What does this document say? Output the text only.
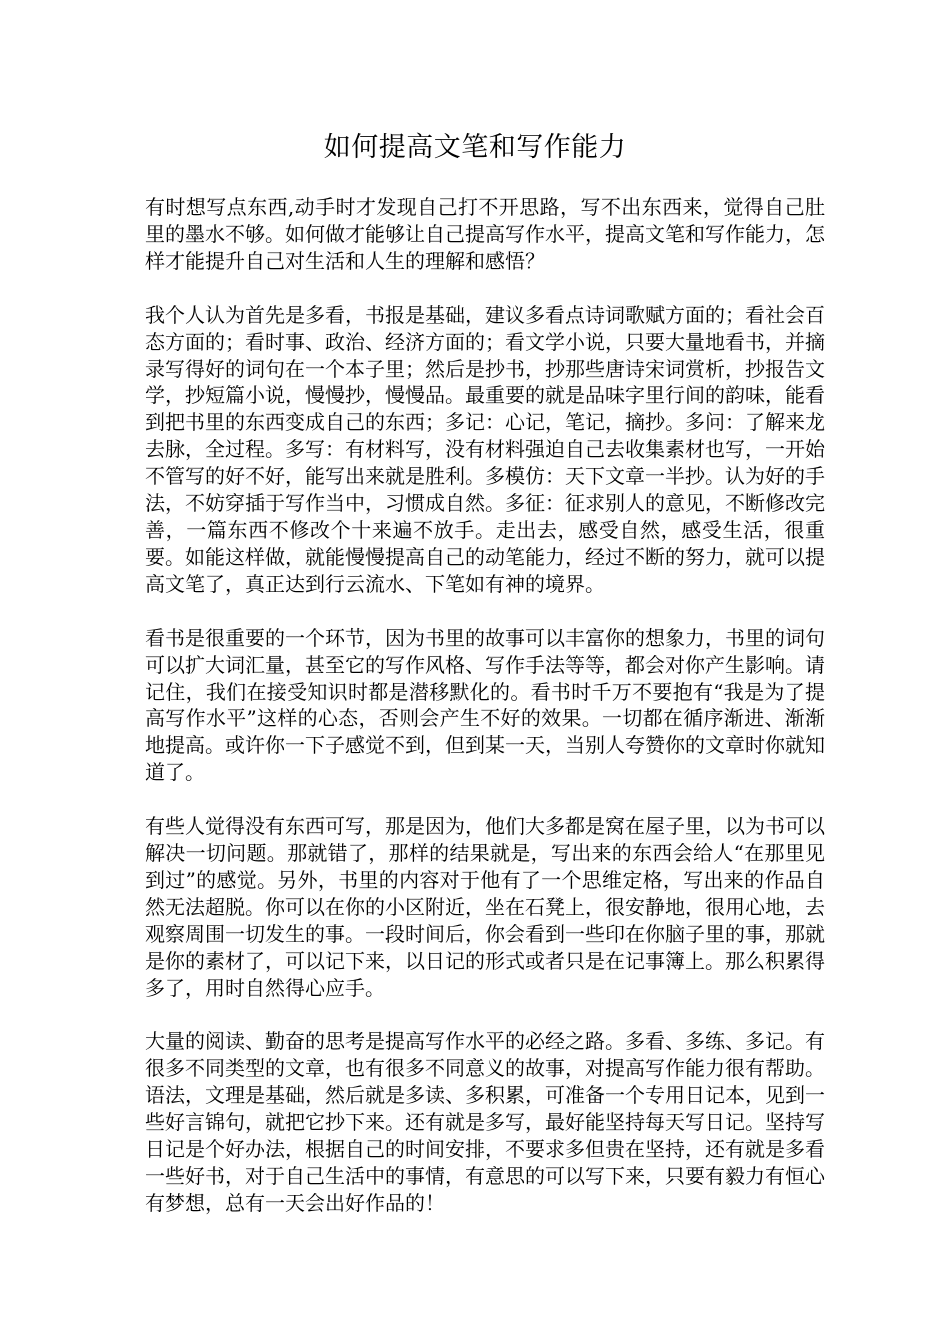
如何提高文笔和写作能力

有时想写点东西,动手时才发现自己打不开思路，写不出东西来，觉得自己肚里的墨水不够。如何做才能够让自己提高写作水平，提高文笔和写作能力，怎样才能提升自己对生活和人生的理解和感悟？

我个人认为首先是多看，书报是基础，建议多看点诗词歌赋方面的；看社会百态方面的；看时事、政治、经济方面的；看文学小说，只要大量地看书，并摘录写得好的词句在一个本子里；然后是抄书，抄那些唐诗宋词赏析，抄报告文学，抄短篇小说，慢慢抄，慢慢品。最重要的就是品味字里行间的韵味，能看到把书里的东西变成自己的东西；多记：心记，笔记，摘抄。多问：了解来龙去脉，全过程。多写：有材料写，没有材料强迫自己去收集素材也写，一开始不管写的好不好，能写出来就是胜利。多模仿：天下文章一半抄。认为好的手法，不妨穿插于写作当中，习惯成自然。多征：征求别人的意见，不断修改完善，一篇东西不修改个十来遍不放手。走出去，感受自然，感受生活，很重要。如能这样做，就能慢慢提高自己的动笔能力，经过不断的努力，就可以提高文笔了，真正达到行云流水、下笔如有神的境界。

看书是很重要的一个环节，因为书里的故事可以丰富你的想象力，书里的词句可以扩大词汇量，甚至它的写作风格、写作手法等等，都会对你产生影响。请记住，我们在接受知识时都是潜移默化的。看书时千万不要抱有“我是为了提高写作水平”这样的心态，否则会产生不好的效果。一切都在循序渐进、渐渐地提高。或许你一下子感觉不到，但到某一天，当别人夸赞你的文章时你就知道了。

有些人觉得没有东西可写，那是因为，他们大多都是窝在屋子里，以为书可以解决一切问题。那就错了，那样的结果就是，写出来的东西会给人“在那里见到过”的感觉。另外，书里的内容对于他有了一个思维定格，写出来的作品自然无法超脱。你可以在你的小区附近，坐在石凳上，很安静地，很用心地，去观察周围一切发生的事。一段时间后，你会看到一些印在你脑子里的事，那就是你的素材了，可以记下来，以日记的形式或者只是在记事簿上。那么积累得多了，用时自然得心应手。

大量的阅读、勤奋的思考是提高写作水平的必经之路。多看、多练、多记。有很多不同类型的文章，也有很多不同意义的故事，对提高写作能力很有帮助。语法，文理是基础，然后就是多读、多积累，可准备一个专用日记本，见到一些好言锦句，就把它抄下来。还有就是多写，最好能坚持每天写日记。坚持写日记是个好办法，根据自己的时间安排，不要求多但贵在坚持，还有就是多看一些好书，对于自己生活中的事情，有意思的可以写下来，只要有毅力有恒心有梦想，总有一天会出好作品的！
